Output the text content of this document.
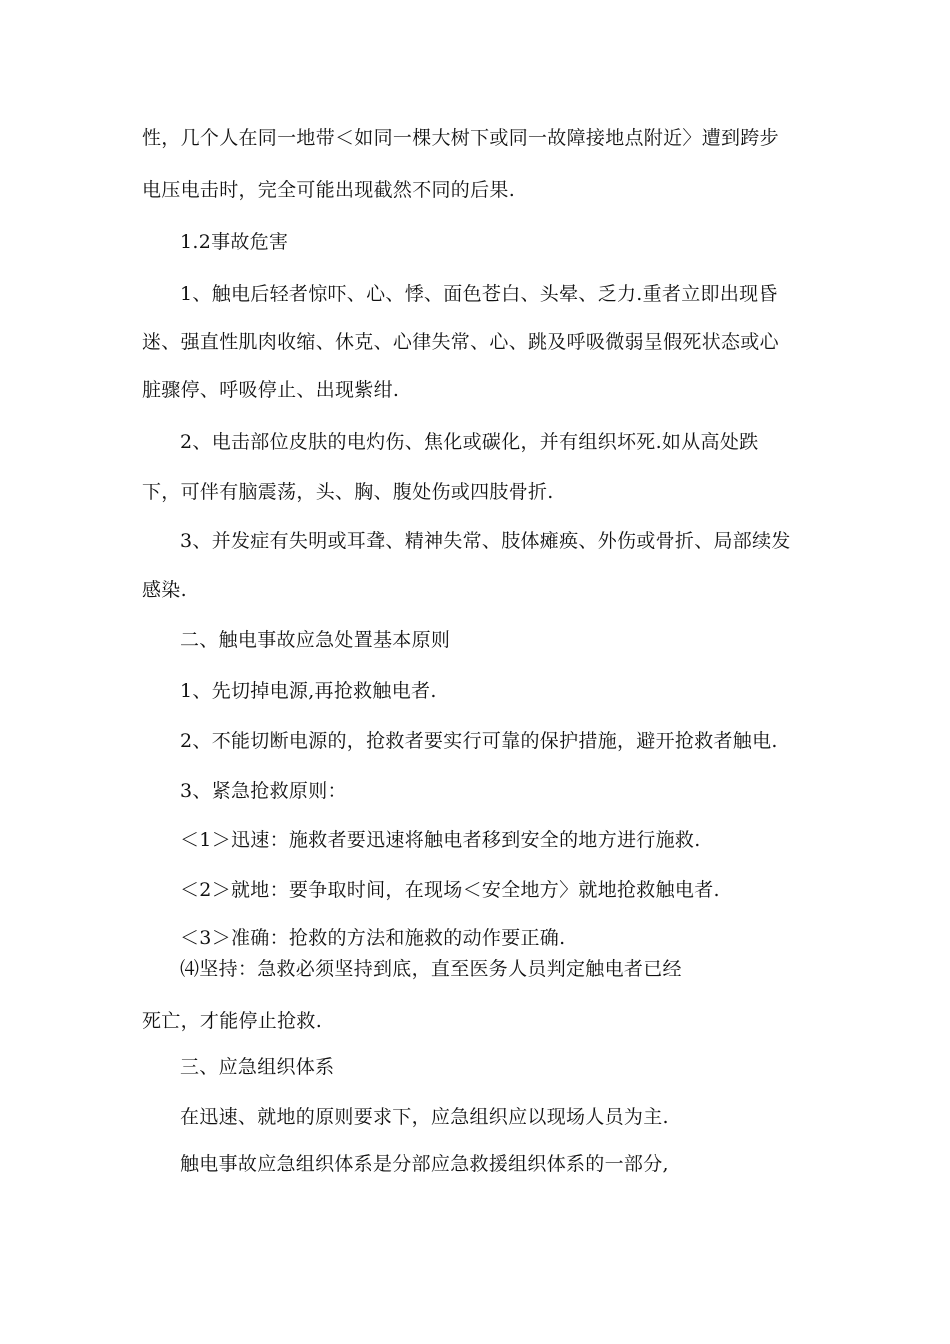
性，几个人在同一地带＜如同一棵大树下或同一故障接地点附近〉遭到跨步
电压电击时，完全可能出现截然不同的后果.
1.2事故危害
1、触电后轻者惊吓、心、悸、面色苍白、头晕、乏力.重者立即出现昏
迷、强直性肌肉收缩、休克、心律失常、心、跳及呼吸微弱呈假死状态或心
脏骤停、呼吸停止、出现紫绀.
2、电击部位皮肤的电灼伤、焦化或碳化，并有组织坏死.如从高处跌
下，可伴有脑震荡，头、胸、腹处伤或四肢骨折.
3、并发症有失明或耳聋、精神失常、肢体瘫痪、外伤或骨折、局部续发
感染.
二、触电事故应急处置基本原则
1、先切掉电源,再抢救触电者.
2、不能切断电源的，抢救者要实行可靠的保护措施，避开抢救者触电.
3、紧急抢救原则：
＜1＞迅速：施救者要迅速将触电者移到安全的地方进行施救.
＜2＞就地：要争取时间，在现场＜安全地方〉就地抢救触电者.
＜3＞准确：抢救的方法和施救的动作要正确.
⑷坚持：急救必须坚持到底，直至医务人员判定触电者已经
死亡，才能停止抢救.
三、应急组织体系
在迅速、就地的原则要求下，应急组织应以现场人员为主.
触电事故应急组织体系是分部应急救援组织体系的一部分,
